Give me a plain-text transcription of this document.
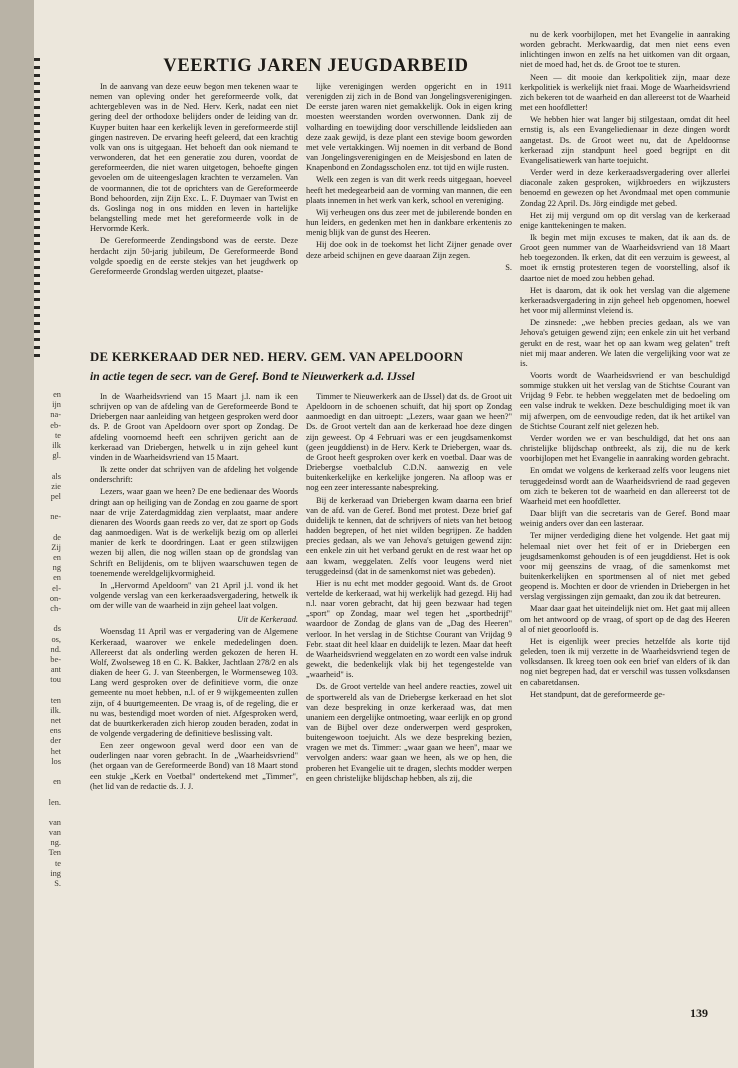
en
ijn
na-
eb-
te
ilk
gl.
als
zie
pel
ne-
de
Zij
en
ng
en
el-
on-
ch-
ds
os,
nd.
be-
ant
tou
ten
ilk.
net
ens
der
het
los
en
len.
van
van
ng.
Ten
te
ing
S.
VEERTIG JAREN JEUGDARBEID

In de aanvang van deze eeuw begon men tekenen waar te nemen van opleving onder het gereformeerde volk, dat achtergebleven was in de Ned. Herv. Kerk, nadat een niet gering deel der orthodoxe belijders onder de leiding van dr. Kuyper buiten haar een kerkelijk leven in gereformeerde stijl gingen nastreven. De ervaring heeft geleerd, dat een krachtig volk van ons is uitgegaan. Het behoeft dan ook niemand te verwonderen, dat het een generatie zou duren, voordat de gereformeerden, die niet waren uitgetogen, behoefte gingen gevoelen om de uiteengeslagen krachten te verzamelen. Van de voormannen, die tot de oprichters van de Gereformeerde Bond behoorden, zijn Zijn Exc. L. F. Duymaer van Twist en ds. Goslinga nog in ons midden en leven in hartelijke belangstelling mede met het gereformeerde volk in de Hervormde Kerk.

De Gereformeerde Zendingsbond was de eerste. Deze herdacht zijn 50-jarig jubileum, De Gereformeerde Bond volgde spoedig en de eerste stekjes van het jeugdwerk op Gereformeerde Grondslag werden uitgezet, plaatse-

lijke verenigingen werden opgericht en in 1911 verenigden zij zich in de Bond van Jongelingsverenigingen. De eerste jaren waren niet gemakkelijk. Ook in eigen kring moesten weerstanden worden overwonnen. Dank zij de volharding en toewijding door verschillende leidslieden aan deze zaak gewijd, is deze plant een stevige boom geworden met vele vertakkingen. Wij noemen in dit verband de Bond van Jongelingsverenigingen en de Meisjesbond en laten de Knapenbond en Zondagsscholen enz. tot tijd en wijle rusten.

Welk een zegen is van dit werk reeds uitgegaan, hoeveel heeft het medegearbeid aan de vorming van mannen, die een plaats innemen in het werk van kerk, school en vereniging.

Wij verheugen ons dus zeer met de jubilerende bonden en hun leiders, en gedenken met hen in dankbare erkentenis zo menig blijk van de gunst des Heeren.

Hij doe ook in de toekomst het licht Zijner genade over deze arbeid schijnen en geve daaraan Zijn zegen.

S.
DE KERKERAAD DER NED. HERV. GEM. VAN APELDOORN
in actie tegen de secr. van de Geref. Bond te Nieuwerkerk a.d. IJssel

In de Waarheidsvriend van 15 Maart j.l. nam ik een schrijven op van de afdeling van de Gereformeerde Bond te Driebergen naar aanleiding van hetgeen gesproken werd door ds. P. de Groot van Apeldoorn over sport op Zondag. De afdeling voornoemd heeft een schrijven gericht aan de kerkeraad van Driebergen, hetwelk u in zijn geheel kunt vinden in de Waarheidsvriend van 15 Maart.

Ik zette onder dat schrijven van de afdeling het volgende onderschrift:

Lezers, waar gaan we heen? De ene bedienaar des Woords dringt aan op heiliging van de Zondag en zou gaarne de sport naar de vrije Zaterdagmiddag zien verplaatst, maar andere dienaren des Woords gaan reeds zo ver, dat ze sport op Gods dag aanmoedigen. Wat is de werkelijk bezig om op allerlei manier de kerk te doordringen. Laat er geen stilzwijgen wezen bij allen, die nog willen staan op de grondslag van Schrift en Belijdenis, om te blijven waarschuwen tegen de toenemende wereldgelijkvormigheid.

In „Hervormd Apeldoorn" van 21 April j.l. vond ik het volgende verslag van een kerkeraadsvergadering, hetwelk ik om der wille van de waarheid in zijn geheel laat volgen.

Uit de Kerkeraad.

Woensdag 11 April was er vergadering van de Algemene Kerkeraad, waarover we enkele mededelingen doen. Allereerst dat als onderling werden gekozen de heren H. Wolf, Zwolseweg 18 en C. K. Bakker, Jachtlaan 278/2 en als diaken de heer G. J. van Steenbergen, le Wormenseweg 103. Lang werd gesproken over de definitieve vorm, die onze gemeente nu moet hebben, n.l. of er 9 wijkgemeenten zullen zijn, of 4 buurtgemeenten. De vraag is, of de regeling, die er nu was, bestendigd moet worden of niet. Afgesproken werd, dat de buurtkerkeraden zich hierop zouden beraden, zodat in de volgende vergadering de definitieve beslissing valt.

Een zeer ongewoon geval werd door een van de ouderlingen naar voren gebracht. In de „Waarheidsvriend" (het orgaan van de Gereformeerde Bond) van 18 Maart stond een stukje „Kerk en Voetbal" ondertekend met „Timmer", (het lid van de redactie ds. J. J.

Timmer te Nieuwerkerk aan de IJssel) dat ds. de Groot uit Apeldoorn in de schoenen schuift, dat hij sport op Zondag aanmoedigt en dan uitroept: „Lezers, waar gaan we heen?" Ds. de Groot vertelt dan aan de kerkeraad hoe deze dingen zijn geweest. Op 4 Februari was er een jeugdsamenkomst (geen jeugddienst) in de Herv. Kerk te Driebergen, waar ds. de Groot heeft gesproken over kerk en voetbal. Daar was de Driebergse voetbalclub C.D.N. aanwezig en vele buitenkerkelijke en kerkelijke jongeren. Na afloop was er nog een zeer interessante nabespreking.

Bij de kerkeraad van Driebergen kwam daarna een brief van de afd. van de Geref. Bond met protest. Deze brief gaf duidelijk te kennen, dat de schrijvers of niets van het betoog hadden begrepen, of het niet wilden begrijpen. Ze hadden precies gedaan, als we van Jehova's getuigen gewend zijn: een enkele zin uit het verband gerukt en de rest waar het op aan kwam, weggelaten. Zelfs voor leugens werd niet teruggedeinsd (dat in de samenkomst niet was gebeden).

Hier is nu echt met modder gegooid. Want ds. de Groot vertelde de kerkeraad, wat hij werkelijk had gezegd. Hij had n.l. naar voren gebracht, dat hij geen bezwaar had tegen „sport" op Zondag, maar wel tegen het „sportbedrijf" waardoor de Zondag de glans van de „Dag des Heeren" verloor. In het verslag in de Stichtse Courant van Vrijdag 9 Febr. staat dit heel klaar en duidelijk te lezen. Maar dat heeft de Waarheidsvriend weggelaten en zo wordt een valse indruk gewekt, die bedenkelijk vlak bij het tegengestelde van „waarheid" is.

Ds. de Groot vertelde van heel andere reacties, zowel uit de sportwereld als van de Driebergse kerkeraad en het slot van deze bespreking in onze kerkeraad was, dat men unaniem een dergelijke ontmoeting, waar eerlijk en op grond van de Bijbel over deze onderwerpen werd gesproken, buitengewoon toejuicht. Als we deze bespreking bezien, vragen we met ds. Timmer: „waar gaan we heen", maar we vervolgen anders: waar gaan we heen, als we op hen, die proberen het Evangelie uit te dragen, slechts modder werpen en geen christelijke blijdschap hebben, als zij, die

nu de kerk voorbijlopen, met het Evangelie in aanraking worden gebracht. Merkwaardig, dat men niet eens even inlichtingen inwon en zelfs na het uitkomen van dit orgaan, niet de moed had, het ds. de Groot toe te sturen.

Neen — dit mooie dan kerkpolitiek zijn, maar deze kerkpolitiek is werkelijk niet fraai. Moge de Waarheidsvriend zich bekeren tot de waarheid en dan allereerst tot de Waarheid met een hoofdletter!

We hebben hier wat langer bij stilgestaan, omdat dit heel ernstig is, als een Evangeliedienaar in deze dingen wordt aangetast. Ds. de Groot weet nu, dat de Apeldoornse kerkeraad zijn standpunt heel goed begrijpt en dit Evangelisatiewerk van harte toejuicht.

Verder werd in deze kerkeraadsvergadering over allerlei diaconale zaken gesproken, wijkbroeders en wijkzusters benoemd en gewezen op het Avondmaal met open communie Zondag 22 April. Ds. Jörg eindigde met gebed.

Het zij mij vergund om op dit verslag van de kerkeraad enige kanttekeningen te maken.

Ik begin met mijn excuses te maken, dat ik aan ds. de Groot geen nummer van de Waarheidsvriend van 18 Maart heb toegezonden. Ik erken, dat dit een verzuim is geweest, al moet ik ernstig protesteren tegen de voorstelling, alsof ik daartoe niet de moed zou hebben gehad.

Het is daarom, dat ik ook het verslag van die algemene kerkeraadsvergadering in zijn geheel heb opgenomen, hoewel het voor mij allerminst vleiend is.

De zinsnede: „we hebben precies gedaan, als we van Jehova's getuigen gewend zijn; een enkele zin uit het verband gerukt en de rest, waar het op aan kwam weg gelaten" treft niet mij maar anderen. We laten die vergelijking voor wat ze is.

Voorts wordt de Waarheidsvriend er van beschuldigd sommige stukken uit het verslag van de Stichtse Courant van Vrijdag 9 Febr. te hebben weggelaten met de bedoeling om een valse indruk te wekken. Deze beschuldiging moet ik van mij afwerpen, om de eenvoudige reden, dat ik het artikel van de Stichtse Courant zelf niet gelezen heb.

Verder worden we er van beschuldigd, dat het ons aan christelijke blijdschap ontbreekt, als zij, die nu de kerk voorbijlopen met het Evangelie in aanraking worden gebracht.

En omdat we volgens de kerkeraad zelfs voor leugens niet teruggedeinsd wordt aan de Waarheidsvriend de raad gegeven om zich te bekeren tot de waarheid en dan allereerst tot de Waarheid met een hoofdletter.

Daar blijft van die secretaris van de Geref. Bond maar weinig anders over dan een lasteraar.

Ter mijner verdediging diene het volgende. Het gaat mij helemaal niet over het feit of er in Driebergen een jeugdsamenkomst gehouden is of een jeugddienst. Het is ook voor mij geenszins de vraag, of die samenkomst met buitenkerkelijken en sportmensen al of niet met gebed geopend is. Mochten er door de vrienden in Driebergen in het verslag vergissingen zijn gemaakt, dan zou ik dat betreuren.

Maar daar gaat het uiteindelijk niet om. Het gaat mij alleen om het antwoord op de vraag, of sport op de dag des Heeren al of niet geoorloofd is.

Het is eigenlijk weer precies hetzelfde als korte tijd geleden, toen ik mij verzette in de Waarheidsvriend tegen de volksdansen. Ik kreeg toen ook een brief van elders of ik dan nog niet begrepen had, dat er verschil was tussen volksdansen en cabaretdansen.

Het standpunt, dat de gereformeerde ge-

139
